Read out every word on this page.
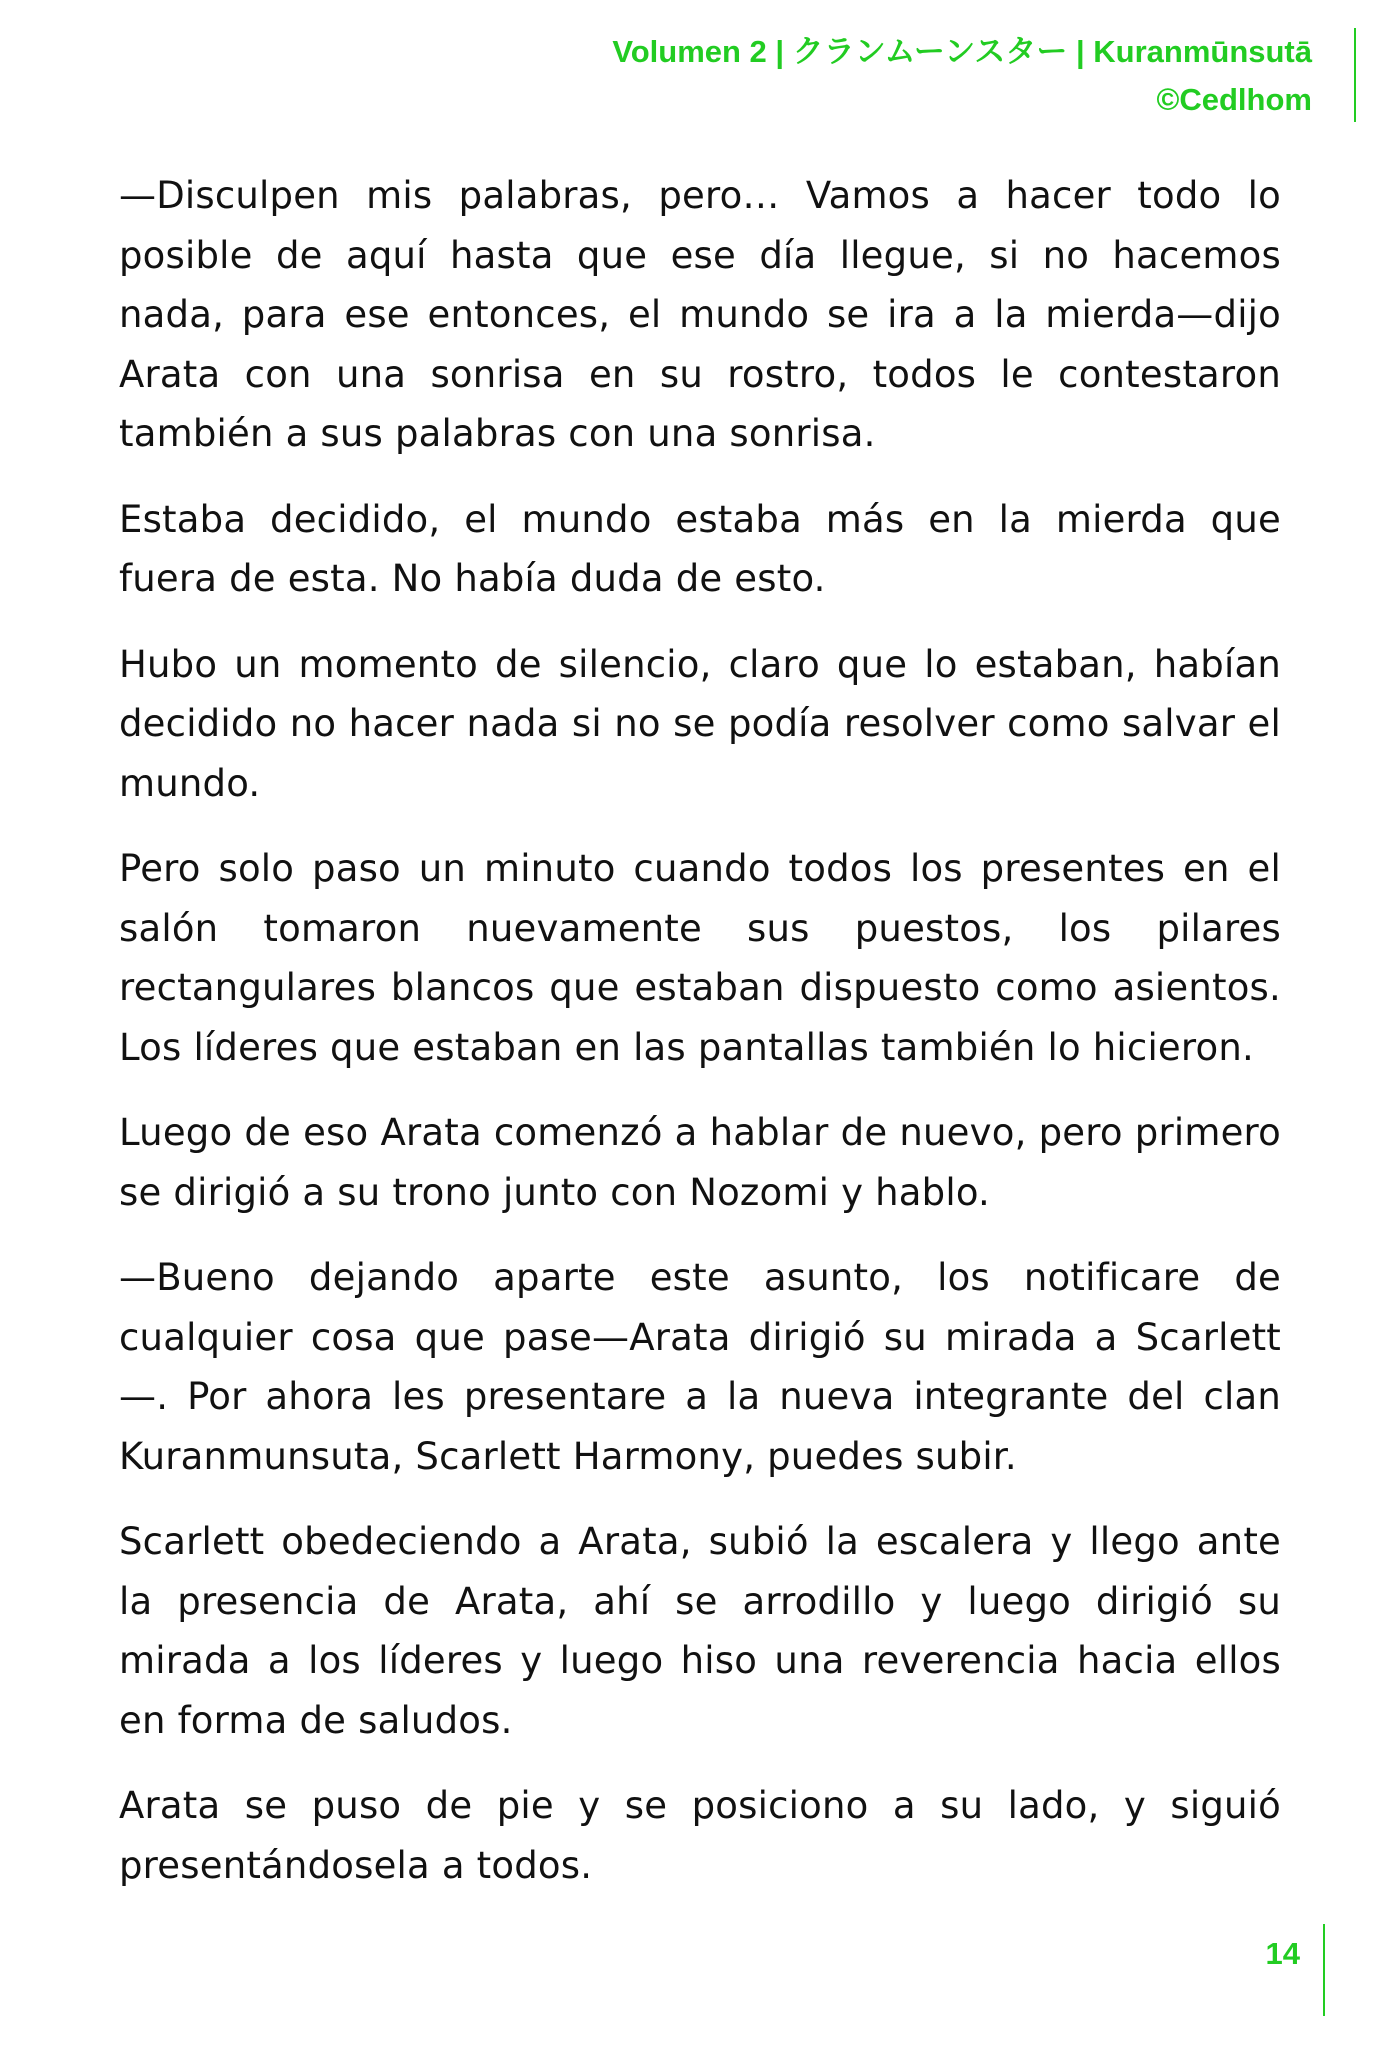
Volumen 2 | クランムーンスター | Kuranmūnsutā
©Cedlhom

—Disculpen mis palabras, pero… Vamos a hacer todo lo posible de aquí hasta que ese día llegue, si no hacemos nada, para ese entonces, el mundo se ira a la mierda—dijo Arata con una sonrisa en su rostro, todos le contestaron también a sus palabras con una sonrisa.

Estaba decidido, el mundo estaba más en la mierda que fuera de esta. No había duda de esto.

Hubo un momento de silencio, claro que lo estaban, habían decidido no hacer nada si no se podía resolver como salvar el mundo.

Pero solo paso un minuto cuando todos los presentes en el salón tomaron nuevamente sus puestos, los pilares rectangulares blancos que estaban dispuesto como asientos. Los líderes que estaban en las pantallas también lo hicieron.

Luego de eso Arata comenzó a hablar de nuevo, pero primero se dirigió a su trono junto con Nozomi y hablo.

—Bueno dejando aparte este asunto, los notificare de cualquier cosa que pase—Arata dirigió su mirada a Scarlett—. Por ahora les presentare a la nueva integrante del clan Kuranmunsuta, Scarlett Harmony, puedes subir.

Scarlett obedeciendo a Arata, subió la escalera y llego ante la presencia de Arata, ahí se arrodillo y luego dirigió su mirada a los líderes y luego hiso una reverencia hacia ellos en forma de saludos.

Arata se puso de pie y se posiciono a su lado, y siguió presentándosela a todos.

14
